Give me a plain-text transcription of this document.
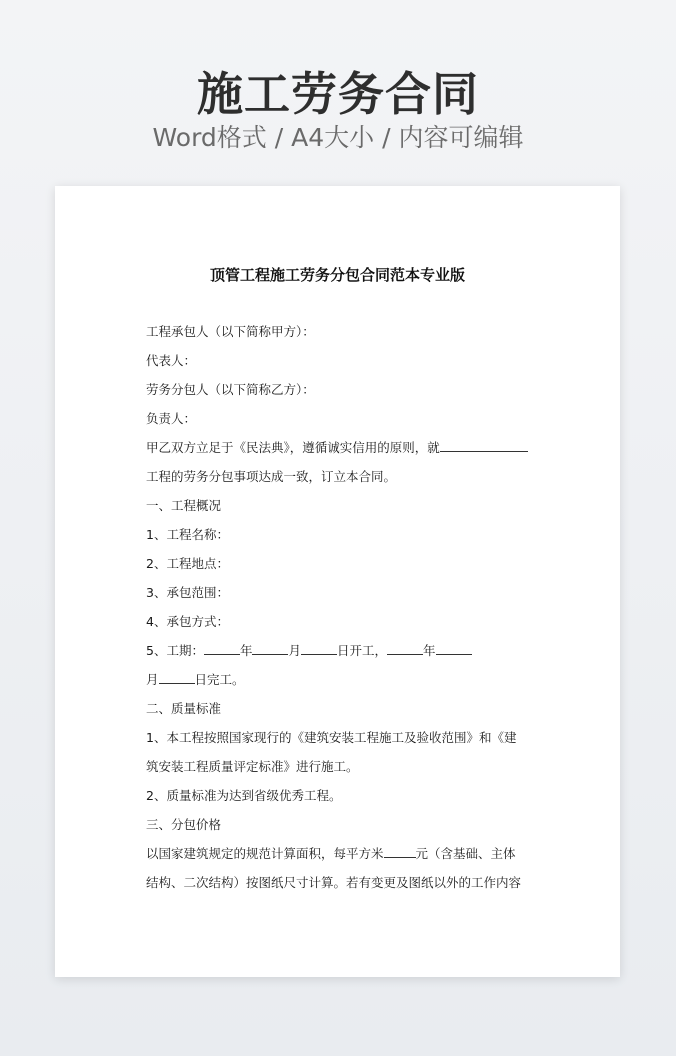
施工劳务合同
Word格式 / A4大小 / 内容可编辑
顶管工程施工劳务分包合同范本专业版
工程承包人（以下简称甲方）：
代表人：
劳务分包人（以下简称乙方）：
负责人：
甲乙双方立足于《民法典》，遵循诚实信用的原则，就
工程的劳务分包事项达成一致，订立本合同。
一、工程概况
1、工程名称：
2、工程地点：
3、承包范围：
4、承包方式：
5、工期：	年	月	日开工，	年
月	日完工。
二、质量标准
1、本工程按照国家现行的《建筑安装工程施工及验收范围》和《建
筑安装工程质量评定标准》进行施工。
2、质量标准为达到省级优秀工程。
三、分包价格
以国家建筑规定的规范计算面积，每平方米	元（含基础、主体
结构、二次结构）按图纸尺寸计算。若有变更及图纸以外的工作内容
